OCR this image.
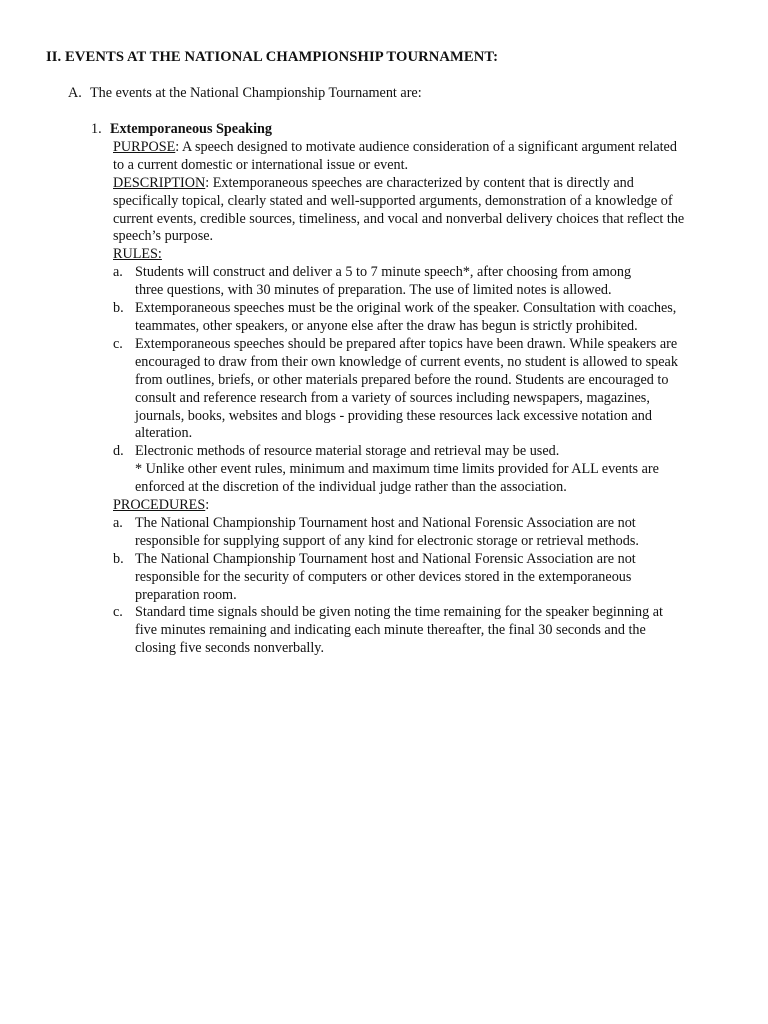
II. EVENTS AT THE NATIONAL CHAMPIONSHIP TOURNAMENT:
A. The events at the National Championship Tournament are:
1. Extemporaneous Speaking
PURPOSE: A speech designed to motivate audience consideration of a significant argument related
to a current domestic or international issue or event.
DESCRIPTION: Extemporaneous speeches are characterized by content that is directly and
specifically topical, clearly stated and well-supported arguments, demonstration of a knowledge of
current events, credible sources, timeliness, and vocal and nonverbal delivery choices that reflect the
speech’s purpose.
RULES:
a. Students will construct and deliver a 5 to 7 minute speech*, after choosing from among
three questions, with 30 minutes of preparation. The use of limited notes is allowed.
b. Extemporaneous speeches must be the original work of the speaker. Consultation with coaches,
teammates, other speakers, or anyone else after the draw has begun is strictly prohibited.
c. Extemporaneous speeches should be prepared after topics have been drawn. While speakers are
encouraged to draw from their own knowledge of current events, no student is allowed to speak
from outlines, briefs, or other materials prepared before the round. Students are encouraged to
consult and reference research from a variety of sources including newspapers, magazines,
journals, books, websites and blogs - providing these resources lack excessive notation and
alteration.
d. Electronic methods of resource material storage and retrieval may be used.
* Unlike other event rules, minimum and maximum time limits provided for ALL events are
enforced at the discretion of the individual judge rather than the association.
PROCEDURES:
a. The National Championship Tournament host and National Forensic Association are not
responsible for supplying support of any kind for electronic storage or retrieval methods.
b. The National Championship Tournament host and National Forensic Association are not
responsible for the security of computers or other devices stored in the extemporaneous
preparation room.
c. Standard time signals should be given noting the time remaining for the speaker beginning at
five minutes remaining and indicating each minute thereafter, the final 30 seconds and the
closing five seconds nonverbally.
